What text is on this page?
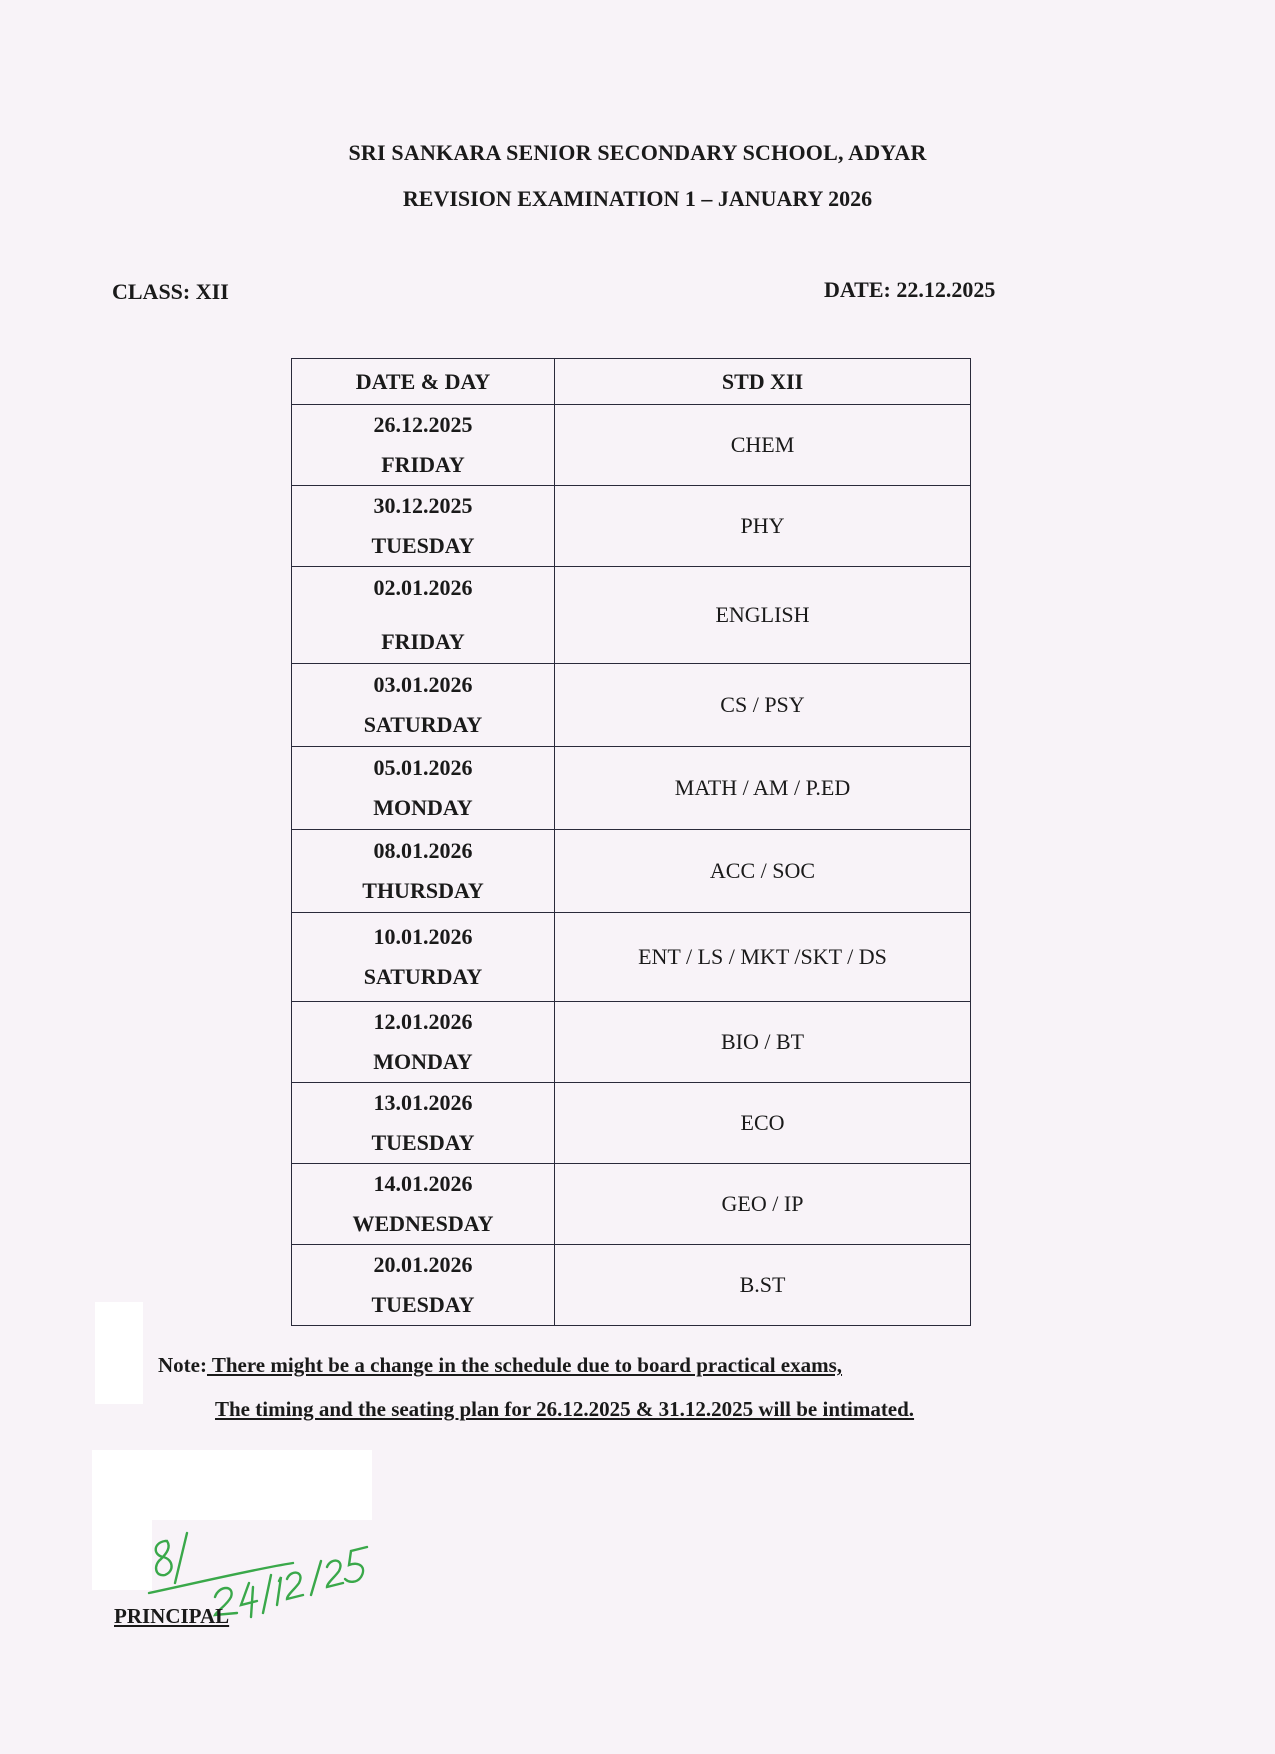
SRI SANKARA SENIOR SECONDARY SCHOOL, ADYAR
REVISION EXAMINATION 1 – JANUARY 2026
CLASS: XII	DATE: 22.12.2025
DATE & DAY	STD XII

26.12.2025
FRIDAY	CHEM

30.12.2025
TUESDAY	PHY

02.01.2026
FRIDAY	ENGLISH

03.01.2026
SATURDAY	CS / PSY

05.01.2026
MONDAY	MATH / AM / P.ED

08.01.2026
THURSDAY	ACC / SOC

10.01.2026
SATURDAY	ENT / LS / MKT /SKT / DS

12.01.2026
MONDAY	BIO / BT

13.01.2026
TUESDAY	ECO

14.01.2026
WEDNESDAY	GEO / IP

20.01.2026
TUESDAY	B.ST
Note: There might be a change in the schedule due to board practical exams,
The timing and the seating plan for 26.12.2025 & 31.12.2025 will be intimated.
PRINCIPAL
